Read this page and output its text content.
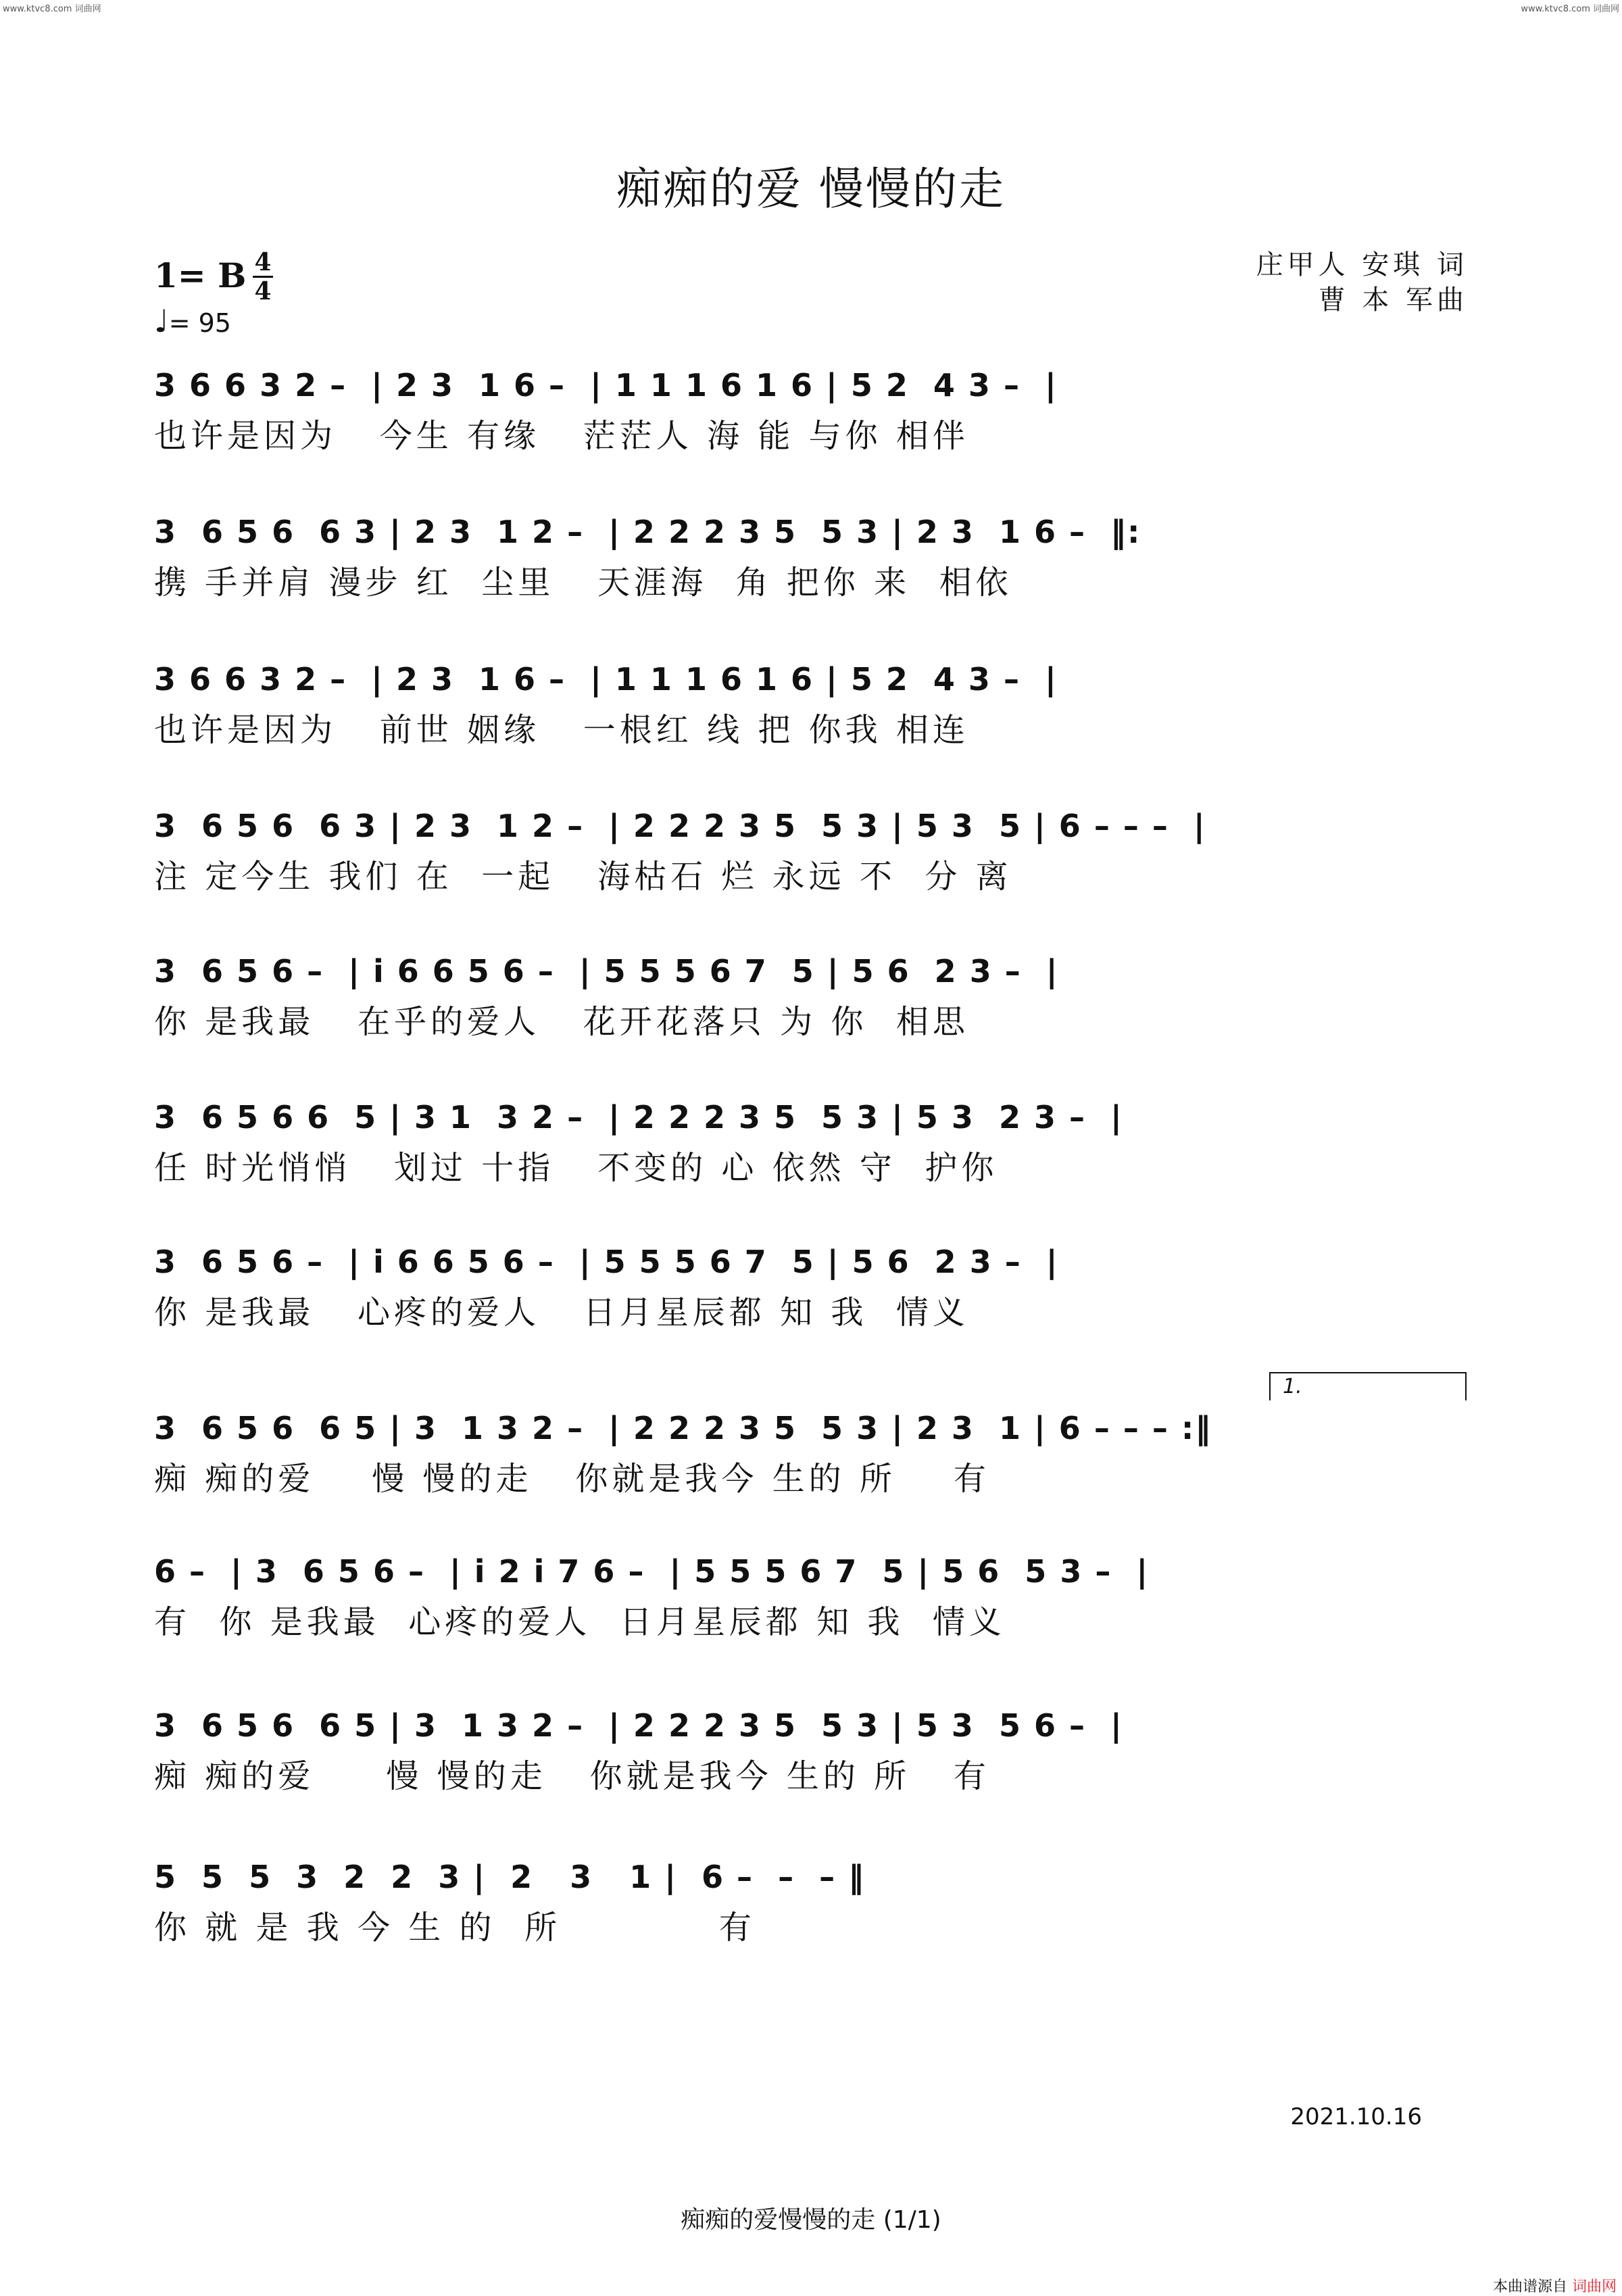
www.ktvc8.com 词曲网	www.ktvc8.com 词曲网
痴痴的爱 慢慢的走
1= B 4
4
♩= 95
庄甲人 安琪 词
曹 本 军曲
3 6 6 3 2 –  | 2 3  1 6 –  | 1 1 1 6 1 6 | 5 2  4 3 –  |
也许是因为   今生 有缘   茫茫人 海 能 与你 相伴
3  6 5 6  6 3 | 2 3  1 2 –  | 2 2 2 3 5  5 3 | 2 3  1 6 –  ‖:
携 手并肩 漫步 红  尘里   天涯海  角 把你 来  相依
3 6 6 3 2 –  | 2 3  1 6 –  | 1 1 1 6 1 6 | 5 2  4 3 –  |
也许是因为   前世 姻缘   一根红 线 把 你我 相连
3  6 5 6  6 3 | 2 3  1 2 –  | 2 2 2 3 5  5 3 | 5 3  5 | 6 – – –  |
注 定今生 我们 在  一起   海枯石 烂 永远 不  分 离
3  6 5 6 –  | i 6 6 5 6 –  | 5 5 5 6 7  5 | 5 6  2 3 –  |
你 是我最   在乎的爱人   花开花落只 为 你  相思
3  6 5 6 6  5 | 3 1  3 2 –  | 2 2 2 3 5  5 3 | 5 3  2 3 –  |
任 时光悄悄   划过 十指   不变的 心 依然 守  护你
3  6 5 6 –  | i 6 6 5 6 –  | 5 5 5 6 7  5 | 5 6  2 3 –  |
你 是我最   心疼的爱人   日月星辰都 知 我  情义
1.
3  6 5 6  6 5 | 3  1 3 2 –  | 2 2 2 3 5  5 3 | 2 3  1 | 6 – – – :‖
痴 痴的爱    慢 慢的走   你就是我今 生的 所    有
6 –  | 3  6 5 6 –  | i 2 i 7 6 –  | 5 5 5 6 7  5 | 5 6  5 3 –  |
有  你 是我最  心疼的爱人  日月星辰都 知 我  情义
3  6 5 6  6 5 | 3  1 3 2 –  | 2 2 2 3 5  5 3 | 5 3  5 6 –  |
痴 痴的爱     慢 慢的走   你就是我今 生的 所   有
5  5  5  3  2  2  3 |  2   3   1 |  6 –  –  – ‖
你 就 是 我 今 生 的  所           有
2021.10.16
痴痴的爱慢慢的走 (1/1)
本曲谱源自 词曲网
